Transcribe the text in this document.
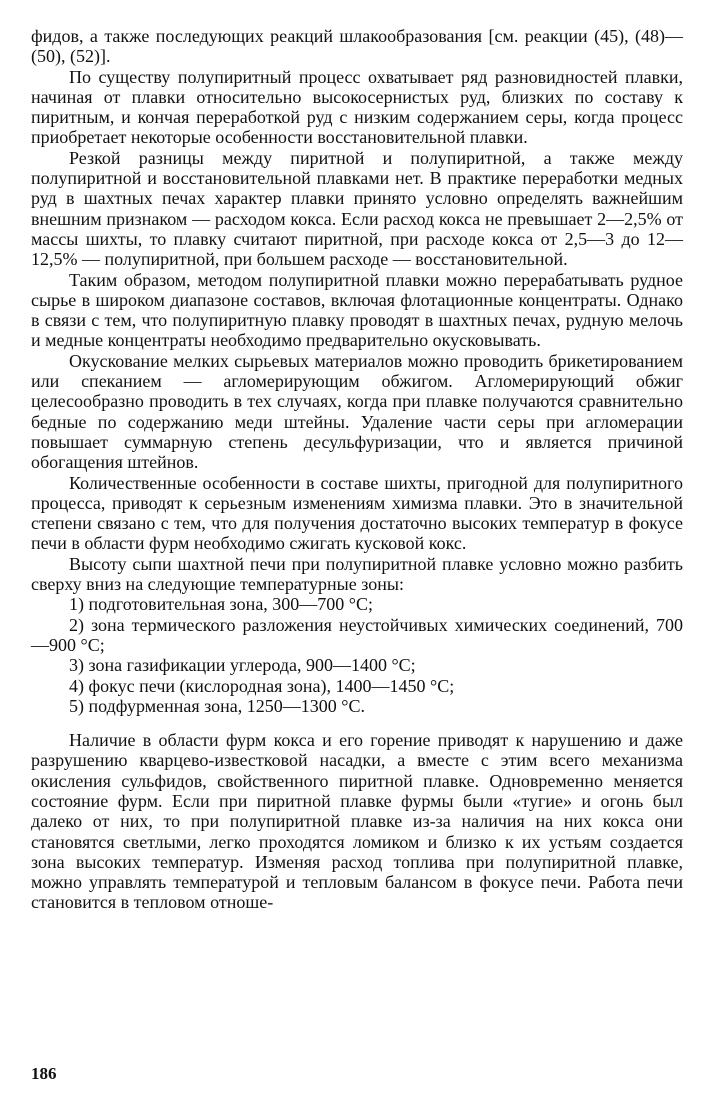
фидов, а также последующих реакций шлакообразования [см. реакции (45), (48)—(50), (52)].

По существу полупиритный процесс охватывает ряд разновидностей плавки, начиная от плавки относительно высокосернистых руд, близких по составу к пиритным, и кончая переработкой руд с низким содержанием серы, когда процесс приобретает некоторые особенности восстановительной плавки.

Резкой разницы между пиритной и полупиритной, а также между полупиритной и восстановительной плавками нет. В практике переработки медных руд в шахтных печах характер плавки принято условно определять важнейшим внешним признаком — расходом кокса. Если расход кокса не превышает 2—2,5% от массы шихты, то плавку считают пиритной, при расходе кокса от 2,5—3 до 12—12,5% — полупиритной, при большем расходе — восстановительной.

Таким образом, методом полупиритной плавки можно перерабатывать рудное сырье в широком диапазоне составов, включая флотационные концентраты. Однако в связи с тем, что полупиритную плавку проводят в шахтных печах, рудную мелочь и медные концентраты необходимо предварительно окусковывать.

Окускование мелких сырьевых материалов можно проводить брикетированием или спеканием — агломерирующим обжигом. Агломерирующий обжиг целесообразно проводить в тех случаях, когда при плавке получаются сравнительно бедные по содержанию меди штейны. Удаление части серы при агломерации повышает суммарную степень десульфуризации, что и является причиной обогащения штейнов.

Количественные особенности в составе шихты, пригодной для полупиритного процесса, приводят к серьезным изменениям химизма плавки. Это в значительной степени связано с тем, что для получения достаточно высоких температур в фокусе печи в области фурм необходимо сжигать кусковой кокс.

Высоту сыпи шахтной печи при полупиритной плавке условно можно разбить сверху вниз на следующие температурные зоны:

1) подготовительная зона, 300—700 °С;

2) зона термического разложения неустойчивых химических соединений, 700—900 °С;

3) зона газификации углерода, 900—1400 °С;

4) фокус печи (кислородная зона), 1400—1450 °С;

5) подфурменная зона, 1250—1300 °С.

Наличие в области фурм кокса и его горение приводят к нарушению и даже разрушению кварцево-известковой насадки, а вместе с этим всего механизма окисления сульфидов, свойственного пиритной плавке. Одновременно меняется состояние фурм. Если при пиритной плавке фурмы были «тугие» и огонь был далеко от них, то при полупиритной плавке из-за наличия на них кокса они становятся светлыми, легко проходятся ломиком и близко к их устьям создается зона высоких температур. Изменяя расход топлива при полупиритной плавке, можно управлять температурой и тепловым балансом в фокусе печи. Работа печи становится в тепловом отноше-

186
